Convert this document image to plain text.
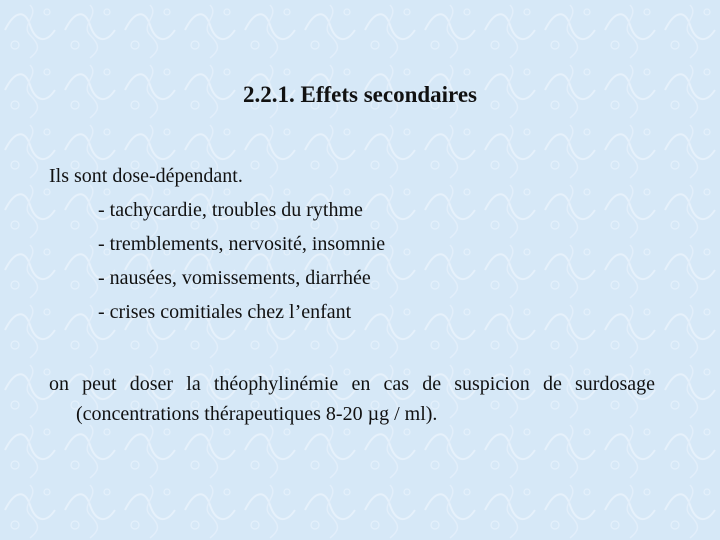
2.2.1. Effets secondaires

Ils sont dose-dépendant.

- tachycardie, troubles du rythme
- tremblements, nervosité, insomnie
- nausées, vomissements, diarrhée
- crises comitiales chez l’enfant

on peut doser la théophylinémie en cas de suspicion de surdosage (concentrations thérapeutiques 8-20 µg / ml).
